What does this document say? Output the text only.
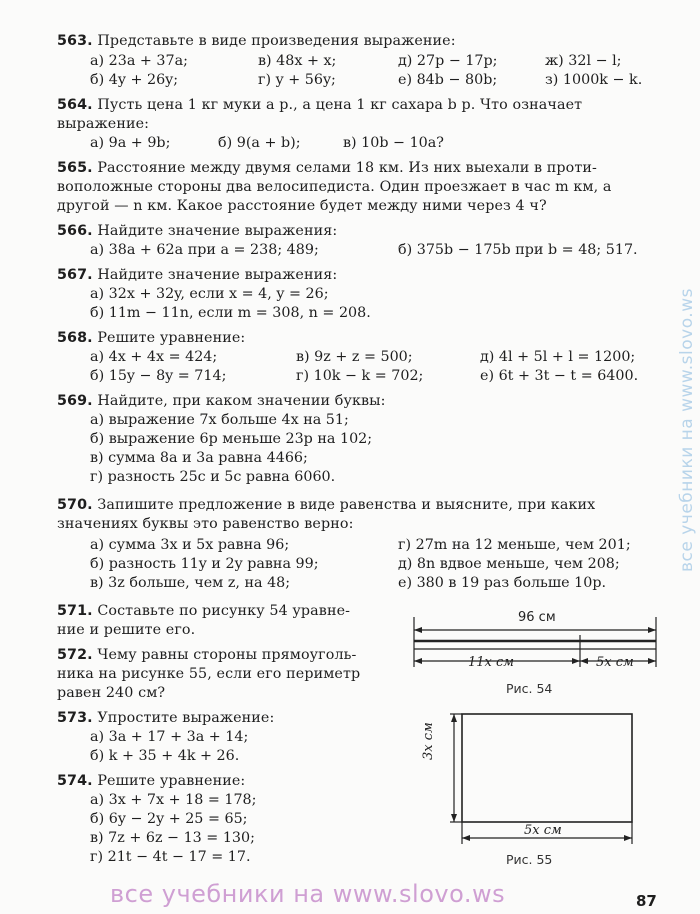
563. Представьте в виде произведения выражение:
а) 23a + 37a;	в) 48x + x;	д) 27p − 17p;	ж) 32l − l;
б) 4y + 26y;	г) y + 56y;	е) 84b − 80b;	з) 1000k − k.
564. Пусть цена 1 кг муки a р., а цена 1 кг сахара b р. Что означает
выражение:
а) 9a + 9b;	б) 9(a + b);	в) 10b − 10a?
565. Расстояние между двумя селами 18 км. Из них выехали в проти-
воположные стороны два велосипедиста. Один проезжает в час m км, а
другой — n км. Какое расстояние будет между ними через 4 ч?
566. Найдите значение выражения:
а) 38a + 62a при a = 238; 489;	б) 375b − 175b при b = 48; 517.
567. Найдите значение выражения:
а) 32x + 32y, если x = 4, y = 26;
б) 11m − 11n, если m = 308, n = 208.
568. Решите уравнение:
а) 4x + 4x = 424;	в) 9z + z = 500;	д) 4l + 5l + l = 1200;
б) 15y − 8y = 714;	г) 10k − k = 702;	е) 6t + 3t − t = 6400.
569. Найдите, при каком значении буквы:
а) выражение 7x больше 4x на 51;
б) выражение 6p меньше 23p на 102;
в) сумма 8a и 3a равна 4466;
г) разность 25c и 5c равна 6060.
570. Запишите предложение в виде равенства и выясните, при каких
значениях буквы это равенство верно:
а) сумма 3x и 5x равна 96;
б) разность 11y и 2y равна 99;
в) 3z больше, чем z, на 48;
г) 27m на 12 меньше, чем 201;
д) 8n вдвое меньше, чем 208;
е) 380 в 19 раз больше 10p.
571. Составьте по рисунку 54 уравне-
ние и решите его.
572. Чему равны стороны прямоуголь-
ника на рисунке 55, если его периметр
равен 240 см?
573. Упростите выражение:
а) 3a + 17 + 3a + 14;
б) k + 35 + 4k + 26.
574. Решите уравнение:
а) 3x + 7x + 18 = 178;
б) 6y − 2y + 25 = 65;
в) 7z + 6z − 13 = 130;
г) 21t − 4t − 17 = 17.
96 см
11x см	5x см
Рис. 54
3x см
5x см
Рис. 55
все учебники на www.slovo.ws
все учебники на www.slovo.ws
87
